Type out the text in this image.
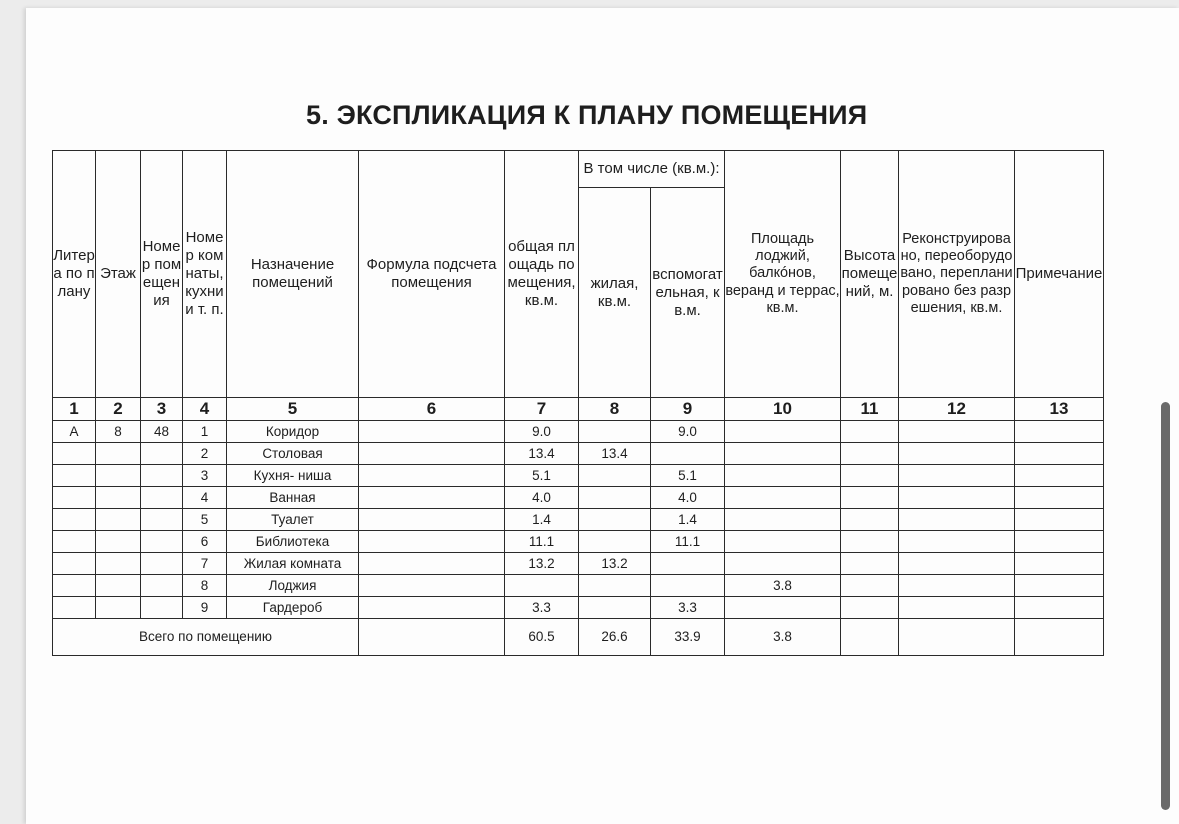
5. ЭКСПЛИКАЦИЯ К ПЛАНУ ПОМЕЩЕНИЯ
Литера по плану	Этаж	Номер помещения	Номер комнаты, кухни и т. п.	Назначение помещений	Формула подсчета помещения	общая площадь помещения, кв.м.	В том числе (кв.м.):		Площадь лоджий, балкóнов, веранд и террас, кв.м.	Высота помещений, м.	Реконструировано, переоборудовано, перепланировано без разрешения, кв.м.	Примечание
							жилая, кв.м.	вспомогательная, кв.м.				
1	2	3	4	5	6	7	8	9	10	11	12	13
А	8	48	1	Коридор		9.0		9.0				
			2	Столовая		13.4	13.4					
			3	Кухня- ниша		5.1		5.1				
			4	Ванная		4.0		4.0				
			5	Туалет		1.4		1.4				
			6	Библиотека		11.1		11.1				
			7	Жилая комната		13.2	13.2					
			8	Лоджия					3.8			
			9	Гардероб		3.3		3.3				
Всего по помещению						60.5	26.6	33.9	3.8			
